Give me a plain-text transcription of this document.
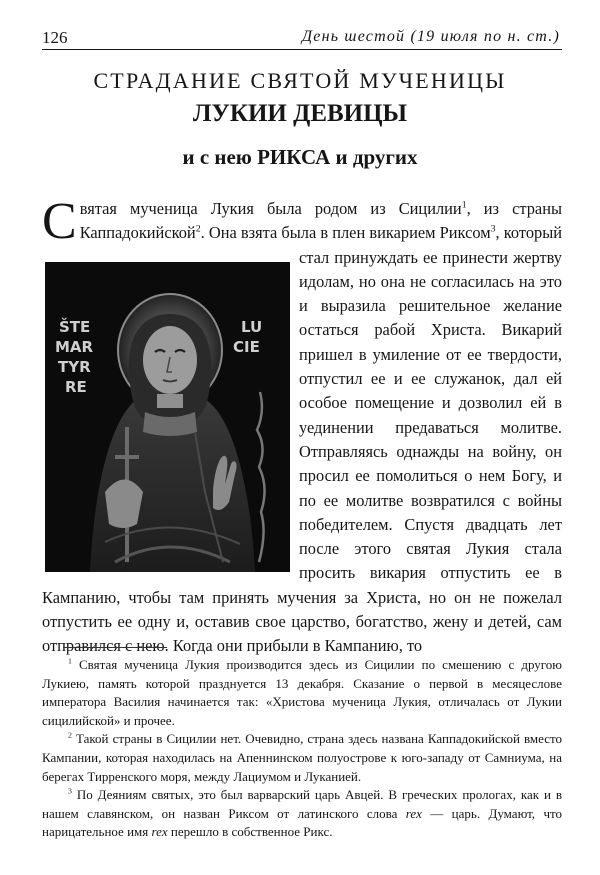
126	День шестой (19 июля по н. ст.)
СТРАДАНИЕ СВЯТОЙ МУЧЕНИЦЫ
ЛУКИИ ДЕВИЦЫ
и с нею РИКСА и других
С вятая мученица Лукия была родом из Сицилии$^1$, из страны Каппадокийской$^2$. Она взята была в плен викарием Риксом$^3$
ŠTE
MAR
TYR
RE
LU
CIE
, который стал принуждать ее принести жертву идолам, но она не согласилась на это и выразила решительное желание остаться рабой Христа. Викарий пришел в умиление от ее твердости, отпустил ее и ее служанок, дал ей особое помещение и дозволил ей в уединении предаваться молитве. Отправляясь однажды на войну, он просил ее помолиться о нем Богу, и по ее молитве возвратился с войны победителем. Спустя двадцать лет после этого святая Лукия стала просить викария отпустить ее в Кампанию, чтобы там принять мучения за Христа, но он не пожелал отпустить ее одну и, оставив свое царство, богатство, жену и детей, сам отправился с нею. Когда они прибыли в Кампанию, то

$^1$ Святая мученица Лукия производится здесь из Сицилии по смешению с другою Лукиею, память которой празднуется 13 декабря. Сказание о первой в месяцеслове императора Василия начинается так: «Христова мученица Лукия, отличалась от Лукии сицилийской» и прочее.

$^2$ Такой страны в Сицилии нет. Очевидно, страна здесь названа Каппадокийской вместо Кампании, которая находилась на Апеннинском полуострове к юго-западу от Самниума, на берегах Тирренского моря, между Лациумом и Луканией.

$^3$ По Деяниям святых, это был варварский царь Авцей. В греческих прологах, как и в нашем славянском, он назван Риксом от латинского слова rex — царь. Думают, что нарицательное имя rex перешло в собственное Рикс.
